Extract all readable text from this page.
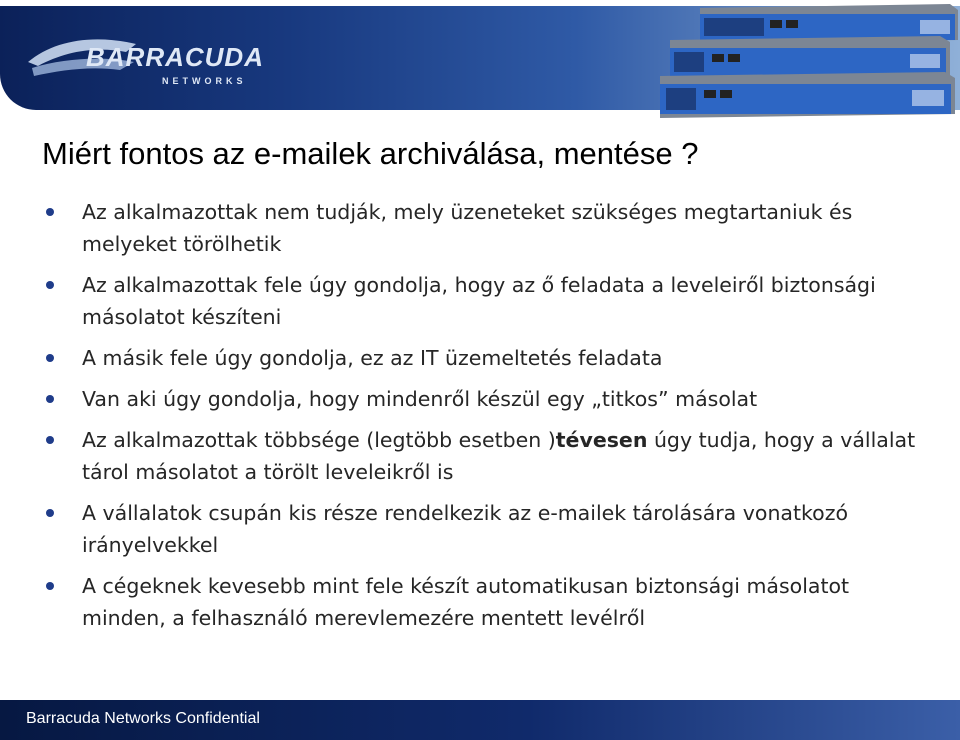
BARRACUDA
NETWORKS
Miért fontos az e-mailek archiválása, mentése ?
Az alkalmazottak nem tudják, mely üzeneteket szükséges megtartaniuk és melyeket törölhetik
Az alkalmazottak fele úgy gondolja, hogy az ő feladata a leveleiről biztonsági másolatot készíteni
A másik fele úgy gondolja, ez az IT üzemeltetés feladata
Van aki úgy gondolja, hogy mindenről készül egy „titkos” másolat
Az alkalmazottak többsége (legtöbb esetben )tévesen úgy tudja, hogy a vállalat tárol másolatot a törölt leveleikről is
A vállalatok csupán kis része rendelkezik az e-mailek tárolására vonatkozó irányelvekkel
A cégeknek kevesebb mint fele készít automatikusan biztonsági másolatot minden, a felhasználó merevlemezére mentett levélről
Barracuda Networks Confidential
